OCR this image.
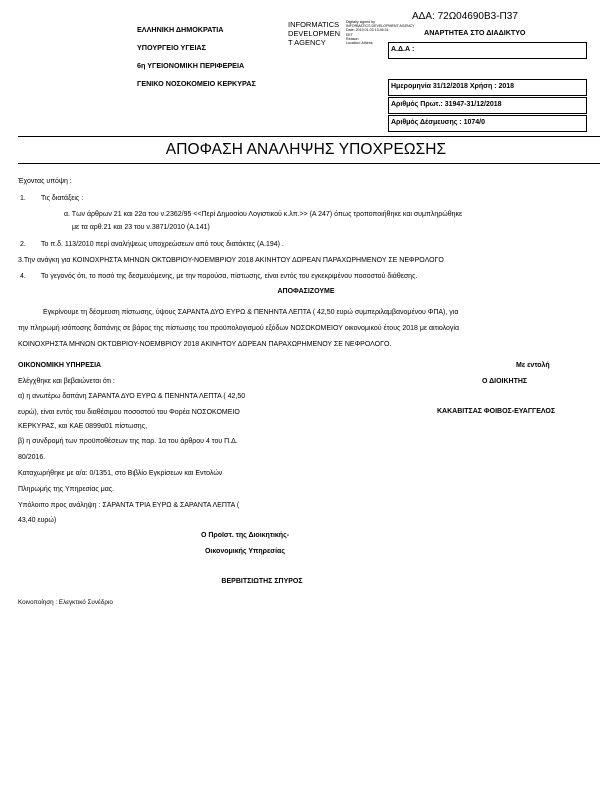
ΑΔΑ: 72Ω04690Β3-Π37
ΕΛΛΗΝΙΚΗ ΔΗΜΟΚΡΑΤΙΑ
ΥΠΟΥΡΓΕΙΟ ΥΓΕΙΑΣ
6η ΥΓΕΙΟΝΟΜΙΚΗ ΠΕΡΙΦΕΡΕΙΑ
ΓΕΝΙΚΟ ΝΟΣΟΚΟΜΕΙΟ ΚΕΡΚΥΡΑΣ
INFORMATICS
DEVELOPMEN
T AGENCY
Digitally signed by
INFORMATICS DEVELOPMENT AGENCY
Date: 2019.01.03 13:46:31
EET
Reason:
Location: Athens
ΑΝΑΡΤΗΤΕΑ ΣΤΟ ΔΙΑΔΙΚΤΥΟ
Α.Δ.Α :
Ημερομηνία 31/12/2018 Χρήση : 2018
Αριθμός Πρωτ.: 31947-31/12/2018
Αριθμός Δέσμευσης : 1074/0
ΑΠΟΦΑΣΗ ΑΝΑΛΗΨΗΣ ΥΠΟΧΡΕΩΣΗΣ
Έχοντας υπόψη :
1. Τις διατάξεις :
α. Των άρθρων 21 και 22α του ν.2362/95 <<Περί Δημοσίου Λογιστικού κ.λπ.>> (Α 247) όπως τροποποιήθηκε και συμπληρώθηκε
με τα αρθ.21 και 23 του ν.3871/2010 (Α.141)
2. Το π.δ. 113/2010 περί αναλήψεως υποχρεώσεων από τους διατάκτες (Α.194) .
3.Την ανάγκη για ΚΟΙΝΟΧΡΗΣΤΑ ΜΗΝΩΝ ΟΚΤΩΒΡΙΟΥ-ΝΟΕΜΒΡΙΟΥ 2018 ΑΚΙΝΗΤΟΥ ΔΩΡΕΑΝ ΠΑΡΑΧΩΡΗΜΕΝΟΥ ΣΕ ΝΕΦΡΟΛΟΓΟ
4. Το γεγονός ότι, το ποσό της δεσμευόμενης, με την παρούσα, πίστωσης, είναι εντός του εγκεκριμένου ποσοστού διάθεσης.
ΑΠΟΦΑΣΙΖΟΥΜΕ
Εγκρίνουμε τη δέσμευση πίστωσης, ύψους ΣΑΡΑΝΤΑ ΔΥΟ ΕΥΡΩ & ΠΕΝΗΝΤΑ ΛΕΠΤΑ ( 42,50 ευρώ συμπεριλαμβανομένου ΦΠΑ), για
την πληρωμή ισόποσης δαπάνης σε βάρος της πίστωσης του προϋπολογισμού εξόδων ΝΟΣΟΚΟΜΕΙΟΥ οικονομικού έτους 2018 με αιτιολογία
ΚΟΙΝΟΧΡΗΣΤΑ ΜΗΝΩΝ ΟΚΤΩΒΡΙΟΥ-ΝΟΕΜΒΡΙΟΥ 2018 ΑΚΙΝΗΤΟΥ ΔΩΡΕΑΝ ΠΑΡΑΧΩΡΗΜΕΝΟΥ ΣΕ ΝΕΦΡΟΛΟΓΟ.
ΟΙΚΟΝΟΜΙΚΗ ΥΠΗΡΕΣΙΑ
Ελέγχθηκε και βεβαιώνεται ότι :
α) η ανωτέρω δαπάνη ΣΑΡΑΝΤΑ ΔΥΟ ΕΥΡΩ & ΠΕΝΗΝΤΑ ΛΕΠΤΑ ( 42,50
ευρώ), είναι εντός του διαθέσιμου ποσοστού του Φορέα ΝΟΣΟΚΟΜΕΙΟ
ΚΕΡΚΥΡΑΣ, και ΚΑΕ 0899α01 πίστωσης,
β) η συνδρομή των προϋποθέσεων της παρ. 1α του άρθρου 4 του Π.Δ.
80/2016.
Καταχωρήθηκε με α/α: 0/1351, στο Βιβλίο Εγκρίσεων και Εντολών
Πληρωμής της Υπηρεσίας μας.
Υπόλοιπο προς ανάληψη : ΣΑΡΑΝΤΑ ΤΡΙΑ ΕΥΡΩ & ΣΑΡΑΝΤΑ ΛΕΠΤΑ (
43,40 ευρώ)
Ο Προϊστ. της Διοικητικής-
Οικονομικής Υπηρεσίας
ΒΕΡΒΙΤΣΙΩΤΗΣ ΣΠΥΡΟΣ
Με εντολή
Ο ΔΙΟΙΚΗΤΗΣ
ΚΑΚΑΒΙΤΣΑΣ ΦΟΙΒΟΣ-ΕΥΑΓΓΕΛΟΣ
Κοινοποίηση : Ελεγκτικό Συνέδριο
